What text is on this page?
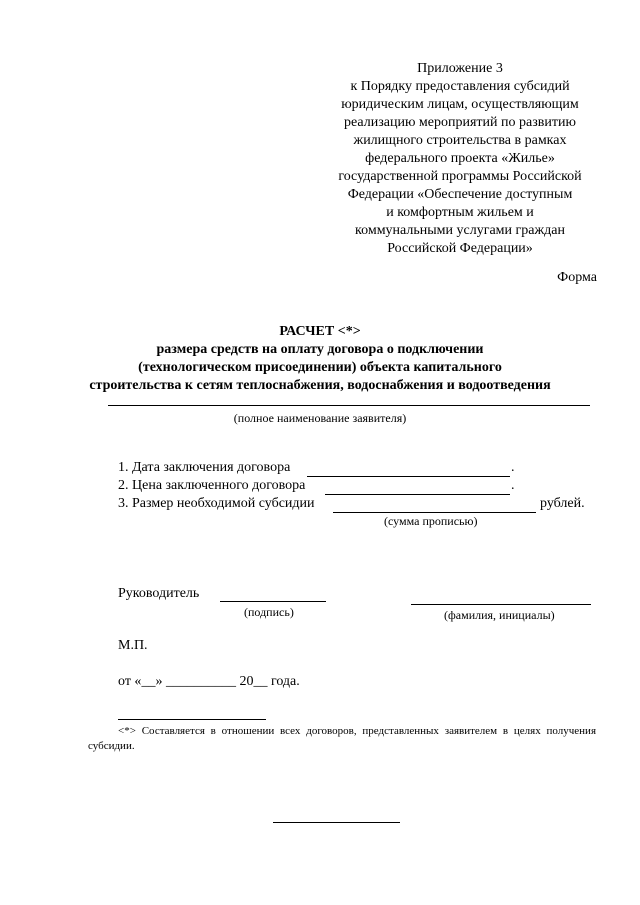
Приложение 3
к Порядку предоставления субсидий
юридическим лицам, осуществляющим
реализацию мероприятий по развитию
жилищного строительства в рамках
федерального проекта «Жилье»
государственной программы Российской
Федерации «Обеспечение доступным
и комфортным жильем и
коммунальными услугами граждан
Российской Федерации»
Форма
РАСЧЕТ <*>
размера средств на оплату договора о подключении
(технологическом присоединении) объекта капитального
строительства к сетям теплоснабжения, водоснабжения и водоотведения
(полное наименование заявителя)
1. Дата заключения договора	.
2. Цена заключенного договора	.
3. Размер необходимой субсидии	рублей.
(сумма прописью)
Руководитель
(подпись)	(фамилия, инициалы)
М.П.
от «__» __________ 20__ года.
<*> Составляется в отношении всех договоров, представленных заявителем в целях получения субсидии.
